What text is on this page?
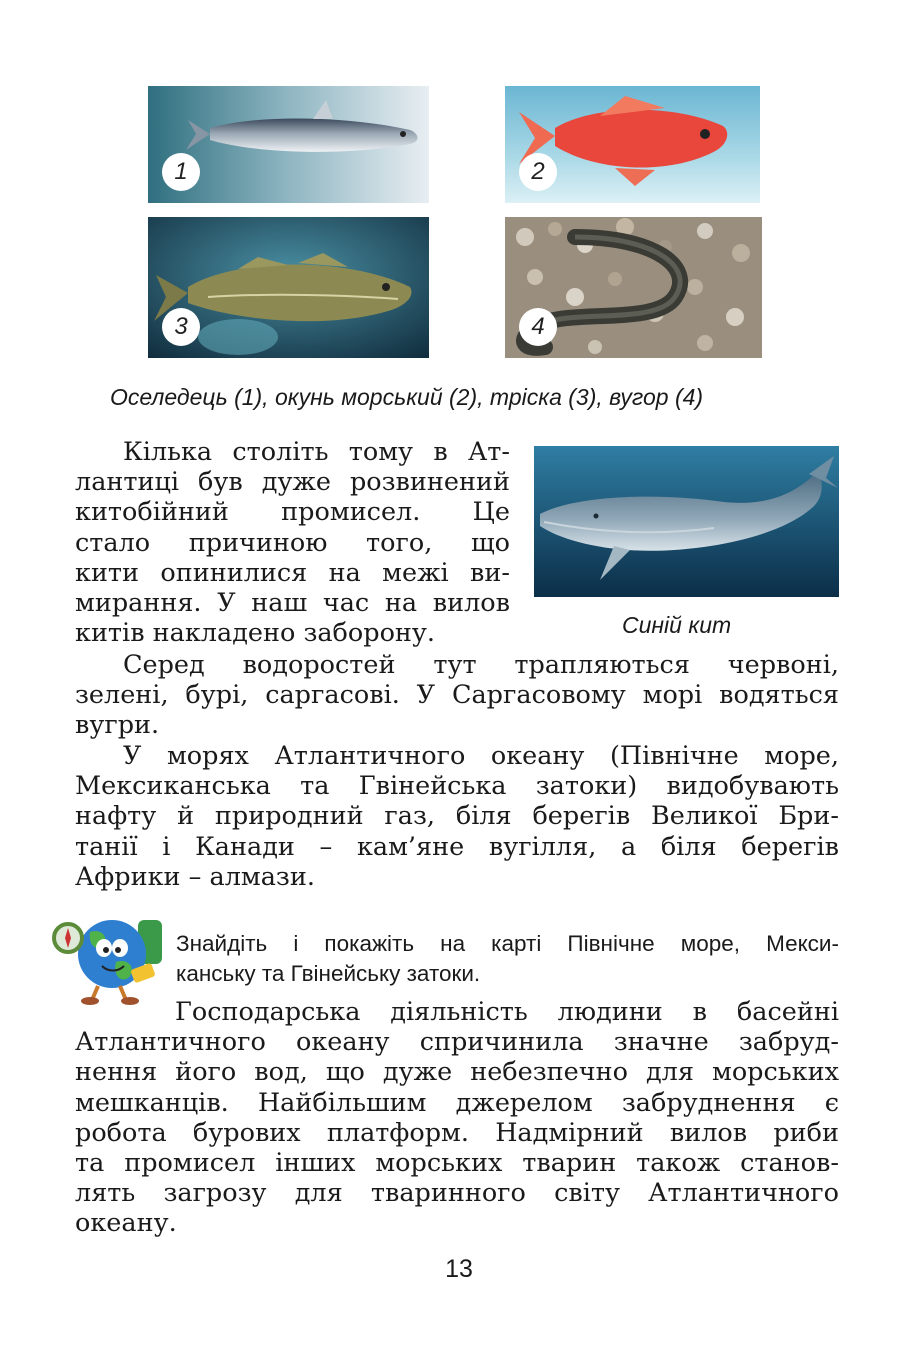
1	2
3	4
Оселедець (1), окунь морський (2), тріска (3), вугор (4)
Кілька століть тому в Ат-
лантиці був дуже розвинений
китобійний промисел. Це
стало причиною того, що
кити опинилися на межі ви-
мирання. У наш час на вилов
китів накладено заборону.	Синій кит
Серед водоростей тут трапляються червоні,
зелені, бурі, саргасові. У Саргасовому морі водяться
вугри.
У морях Атлантичного океану (Північне море,
Мексиканська та Гвінейська затоки) видобувають
нафту й природний газ, біля берегів Великої Бри-
танії і Канади – кам’яне вугілля, а біля берегів
Африки – алмази.
Знайдіть і покажіть на карті Північне море, Мекси-
канську та Гвінейську затоки.
Господарська діяльність людини в басейні
Атлантичного океану спричинила значне забруд-
нення його вод, що дуже небезпечно для морських
мешканців. Найбільшим джерелом забруднення є
робота бурових платформ. Надмірний вилов риби
та промисел інших морських тварин також станов-
лять загрозу для тваринного світу Атлантичного
океану.
13
